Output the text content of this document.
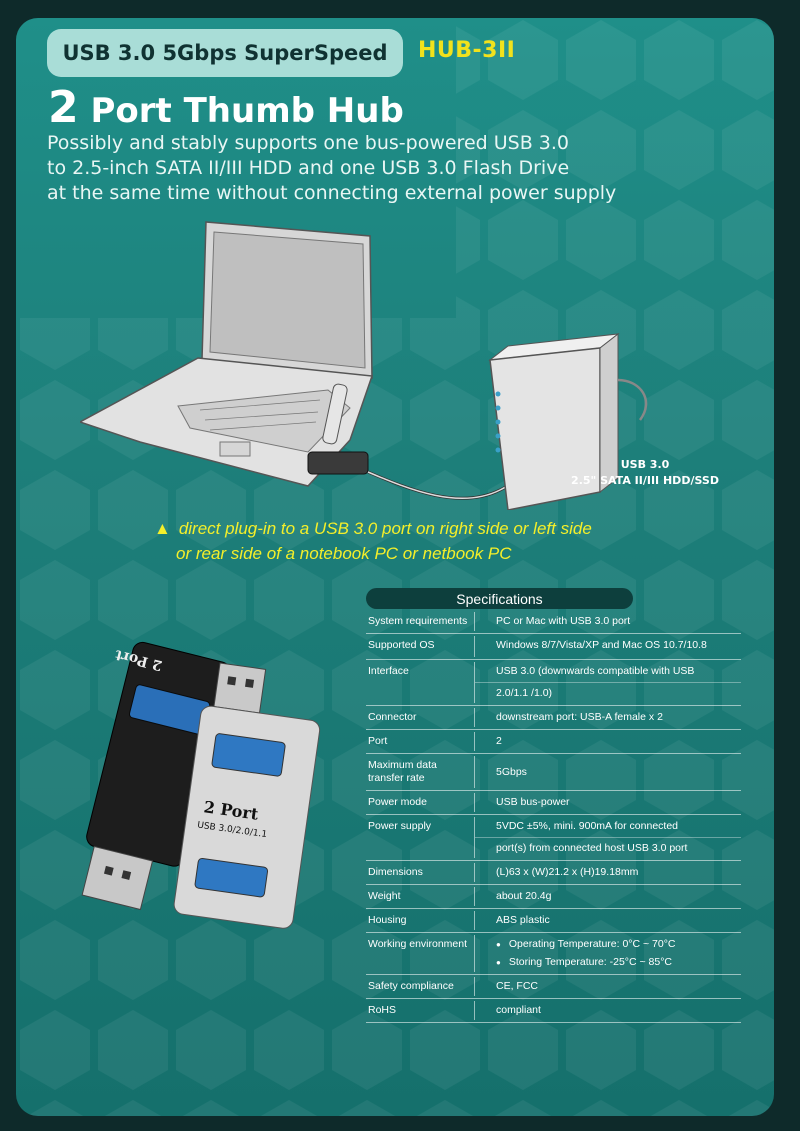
USB 3.0 5Gbps SuperSpeed	HUB-3II
2 Port Thumb Hub
Possibly and stably supports one bus-powered USB 3.0
to 2.5-inch SATA II/III HDD and one USB 3.0 Flash Drive
at the same time without connecting external power supply
USB 3.0
2.5" SATA II/III HDD/SSD
▲ direct plug-in to a USB 3.0 port on right side or left side
or rear side of a notebook PC or netbook PC
2 Port
2 Port
USB 3.0/2.0/1.1
Specifications
System requirements	PC or Mac with USB 3.0 port
Supported OS	Windows 8/7/Vista/XP and Mac OS 10.7/10.8
Interface	USB 3.0 (downwards compatible with USB
2.0/1.1 /1.0)
Connector	downstream port: USB-A female x 2
Port	2
Maximum data transfer rate
5Gbps
Power mode	USB bus-power
Power supply	5VDC ±5%, mini. 900mA for connected
port(s) from connected host USB 3.0 port
Dimensions	(L)63 x (W)21.2 x (H)19.18mm
Weight	about 20.4g
Housing	ABS plastic
Working environment
●	Operating Temperature: 0°C ~ 70°C
● Storing Temperature: -25°C ~ 85°C
Safety compliance	CE, FCC
RoHS	compliant
